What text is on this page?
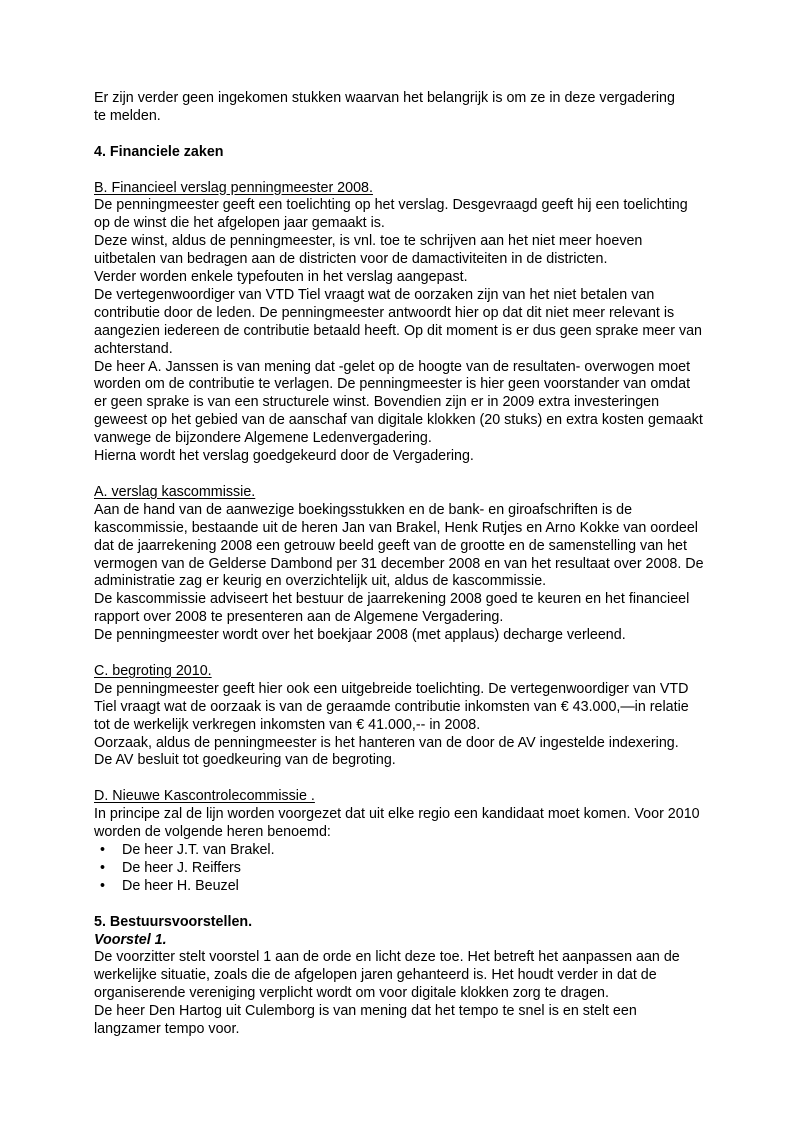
Er zijn verder geen ingekomen stukken waarvan het belangrijk is om ze in deze vergadering
te melden.

4. Financiele zaken

B. Financieel verslag penningmeester 2008.

De penningmeester geeft een toelichting op het verslag. Desgevraagd geeft hij een toelichting op de winst die het afgelopen jaar gemaakt is.

Deze winst, aldus de penningmeester, is vnl. toe te schrijven aan het niet meer hoeven uitbetalen van bedragen aan de districten voor de damactiviteiten in de districten.

Verder worden enkele typefouten in het verslag aangepast.

De vertegenwoordiger van VTD Tiel vraagt wat de oorzaken zijn van het niet betalen van contributie door de leden. De penningmeester antwoordt hier op dat dit niet meer relevant is aangezien iedereen de contributie betaald heeft. Op dit moment is er dus geen sprake meer van achterstand.

De heer A. Janssen is van mening dat -gelet op de hoogte van de resultaten- overwogen moet worden om de contributie te verlagen. De penningmeester is hier geen voorstander van omdat er geen sprake is van een structurele winst. Bovendien zijn er in 2009 extra investeringen geweest op het gebied van de aanschaf van digitale klokken (20 stuks) en extra kosten gemaakt vanwege de bijzondere Algemene Ledenvergadering.

Hierna wordt het verslag goedgekeurd door de Vergadering.

A. verslag kascommissie.

Aan de hand van de aanwezige boekingsstukken en de bank- en giroafschriften is de kascommissie, bestaande uit de heren Jan van Brakel, Henk Rutjes en Arno Kokke van oordeel dat de jaarrekening 2008 een getrouw beeld geeft van de grootte en de samenstelling van het vermogen van de Gelderse Dambond per 31 december 2008 en van het resultaat over 2008. De administratie zag er keurig en overzichtelijk uit, aldus de kascommissie.

De kascommissie adviseert het bestuur de jaarrekening 2008 goed te keuren en het financieel rapport over 2008 te presenteren aan de Algemene Vergadering.

De penningmeester wordt over het boekjaar 2008 (met applaus) decharge verleend.

C. begroting 2010.

De penningmeester geeft hier ook een uitgebreide toelichting. De vertegenwoordiger van VTD Tiel vraagt wat de oorzaak is van de geraamde contributie inkomsten van € 43.000,—in relatie tot de werkelijk verkregen inkomsten van € 41.000,-- in 2008.

Oorzaak, aldus de penningmeester is het hanteren van de door de AV ingestelde indexering.

De AV besluit tot goedkeuring van de begroting.

D. Nieuwe Kascontrolecommissie .

In principe zal de lijn worden voorgezet dat uit elke regio een kandidaat moet komen. Voor 2010 worden de volgende heren benoemd:

• De heer J.T. van Brakel.
• De heer J. Reiffers
• De heer H. Beuzel

5. Bestuursvoorstellen.

Voorstel 1.

De voorzitter stelt voorstel 1 aan de orde en licht deze toe. Het betreft het aanpassen aan de werkelijke situatie, zoals die de afgelopen jaren gehanteerd is. Het houdt verder in dat de organiserende vereniging verplicht wordt om voor digitale klokken zorg te dragen.

De heer Den Hartog uit Culemborg is van mening dat het tempo te snel is en stelt een langzamer tempo voor.
